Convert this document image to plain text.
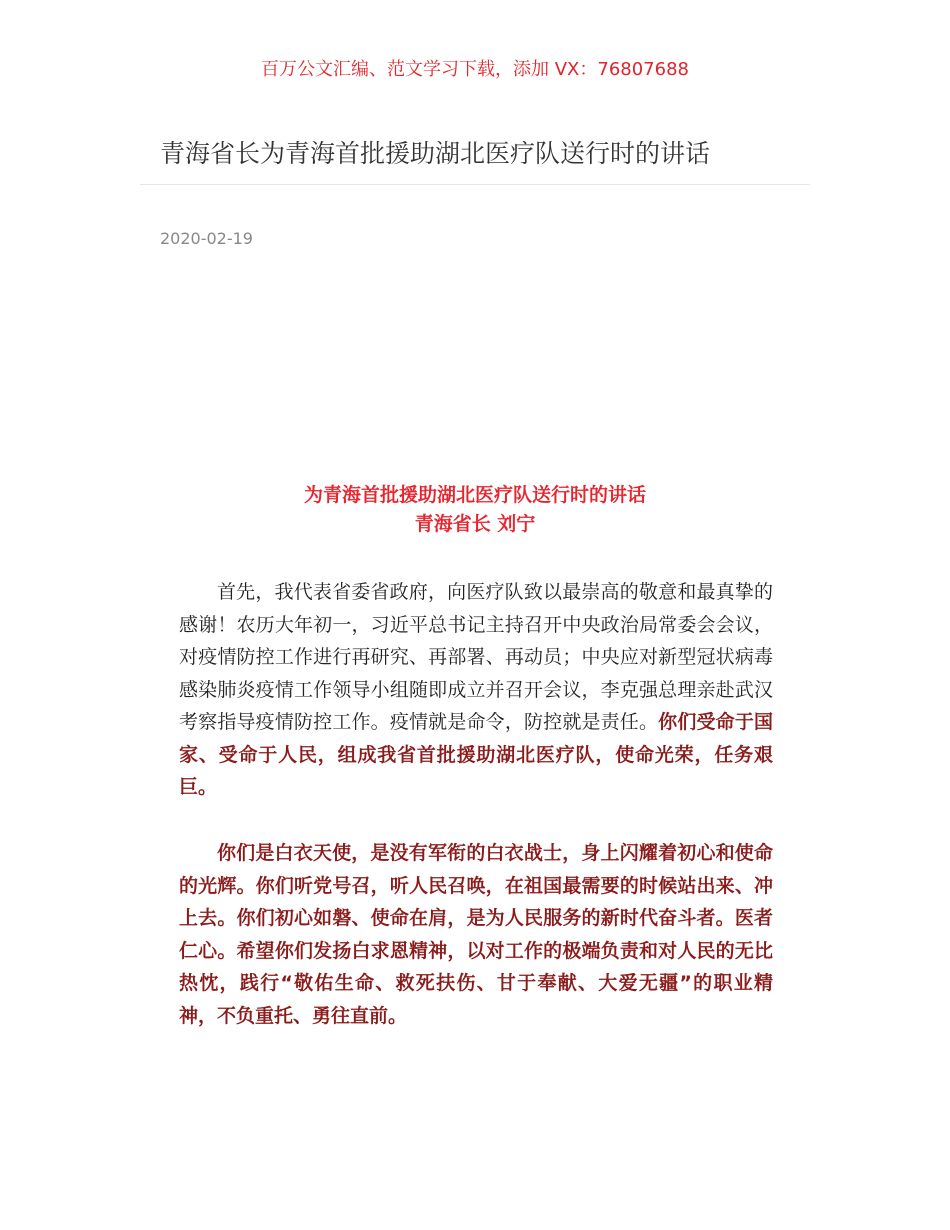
百万公文汇编、范文学习下载，添加 VX：76807688
青海省长为青海首批援助湖北医疗队送行时的讲话
2020-02-19
为青海首批援助湖北医疗队送行时的讲话
青海省长 刘宁

首先，我代表省委省政府，向医疗队致以最崇高的敬意和最真挚的感谢！农历大年初一，习近平总书记主持召开中央政治局常委会会议，对疫情防控工作进行再研究、再部署、再动员；中央应对新型冠状病毒感染肺炎疫情工作领导小组随即成立并召开会议，李克强总理亲赴武汉考察指导疫情防控工作。疫情就是命令，防控就是责任。你们受命于国家、受命于人民，组成我省首批援助湖北医疗队，使命光荣，任务艰巨。

你们是白衣天使，是没有军衔的白衣战士，身上闪耀着初心和使命的光辉。你们听党号召，听人民召唤，在祖国最需要的时候站出来、冲上去。你们初心如磐、使命在肩，是为人民服务的新时代奋斗者。医者仁心。希望你们发扬白求恩精神，以对工作的极端负责和对人民的无比热忱，践行“敬佑生命、救死扶伤、甘于奉献、大爱无疆”的职业精神，不负重托、勇往直前。
